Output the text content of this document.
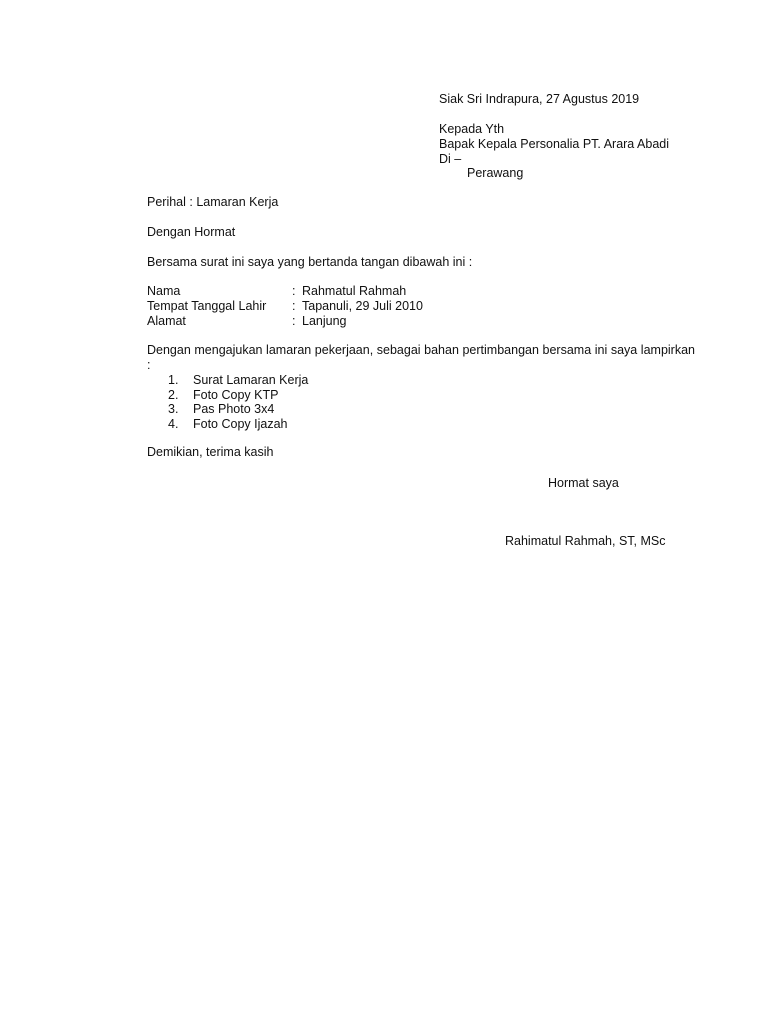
Siak Sri Indrapura, 27 Agustus 2019
Kepada Yth
Bapak Kepala Personalia PT. Arara Abadi
Di –
Perawang
Perihal : Lamaran Kerja
Dengan Hormat
Bersama surat ini saya yang bertanda tangan dibawah ini :
Nama	: Rahmatul Rahmah
Tempat Tanggal Lahir : Tapanuli, 29 Juli 2010
Alamat	: Lanjung
Dengan mengajukan lamaran pekerjaan, sebagai bahan pertimbangan bersama ini saya lampirkan :
1. Surat Lamaran Kerja
2. Foto Copy KTP
3. Pas Photo 3x4
4. Foto Copy Ijazah
Demikian, terima kasih
Hormat saya
Rahimatul Rahmah, ST, MSc
